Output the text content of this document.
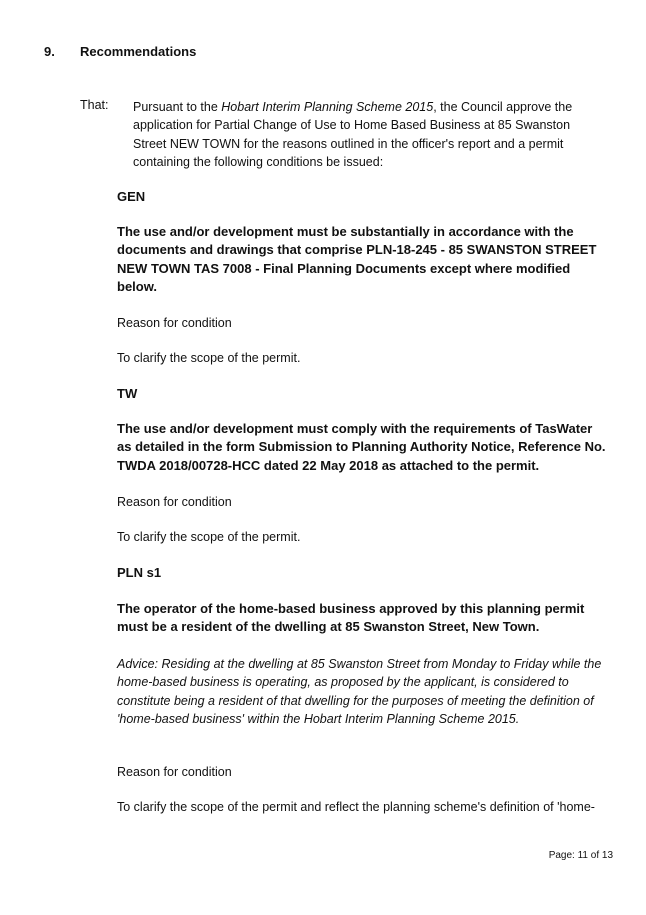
9. Recommendations
That: Pursuant to the Hobart Interim Planning Scheme 2015, the Council approve the application for Partial Change of Use to Home Based Business at 85 Swanston Street NEW TOWN for the reasons outlined in the officer's report and a permit containing the following conditions be issued:
GEN
The use and/or development must be substantially in accordance with the documents and drawings that comprise PLN-18-245 - 85 SWANSTON STREET NEW TOWN TAS 7008 - Final Planning Documents except where modified below.
Reason for condition
To clarify the scope of the permit.
TW
The use and/or development must comply with the requirements of TasWater as detailed in the form Submission to Planning Authority Notice, Reference No. TWDA 2018/00728-HCC dated 22 May 2018 as attached to the permit.
Reason for condition
To clarify the scope of the permit.
PLN s1
The operator of the home-based business approved by this planning permit must be a resident of the dwelling at 85 Swanston Street, New Town.
Advice: Residing at the dwelling at 85 Swanston Street from Monday to Friday while the home-based business is operating, as proposed by the applicant, is considered to constitute being a resident of that dwelling for the purposes of meeting the definition of 'home-based business' within the Hobart Interim Planning Scheme 2015.
Reason for condition
To clarify the scope of the permit and reflect the planning scheme's definition of 'home-
Page: 11 of 13
